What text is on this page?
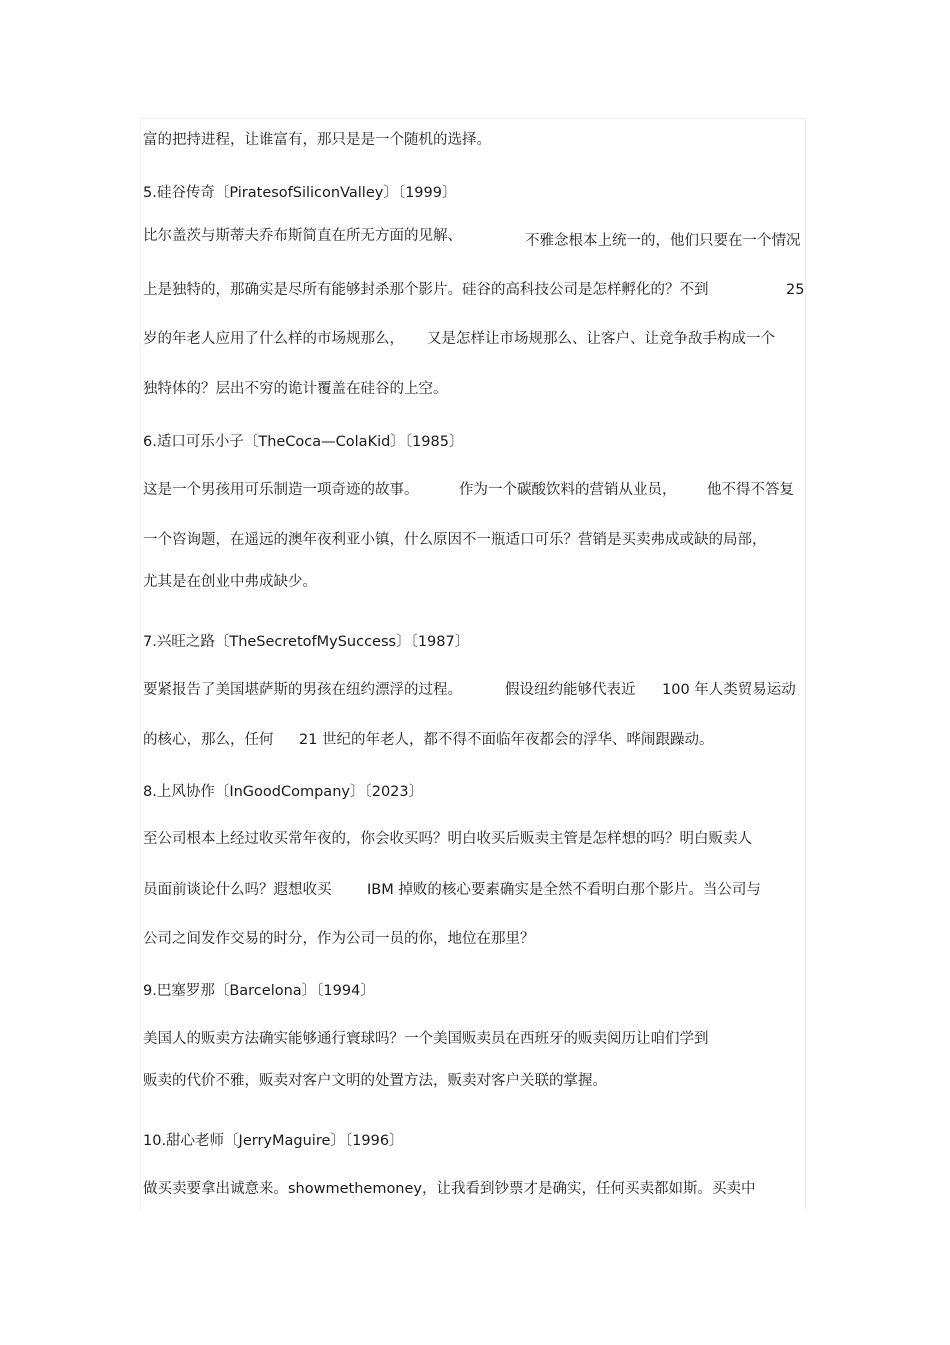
富的把持进程，让谁富有，那只是是一个随机的选择。
5.硅谷传奇〔PiratesofSiliconValley〕〔1999〕
比尔盖茨与斯蒂夫乔布斯简直在所无方面的见解、	不雅念根本上统一的，他们只要在一个情况
上是独特的，那确实是尽所有能够封杀那个影片。硅谷的高科技公司是怎样孵化的？不到	25
岁的年老人应用了什么样的市场规那么， 又是怎样让市场规那么、让客户、让竞争敌手构成一个
独特体的？层出不穷的诡计覆盖在硅谷的上空。
6.适口可乐小子〔TheCoca—ColaKid〕〔1985〕
这是一个男孩用可乐制造一项奇迹的故事。	作为一个碳酸饮料的营销从业员， 他不得不答复
一个咨询题，在遥远的澳年夜利亚小镇，什么原因不一瓶适口可乐？营销是买卖弗成或缺的局部，
尤其是在创业中弗成缺少。
7.兴旺之路〔TheSecretofMySuccess〕〔1987〕
要紧报告了美国堪萨斯的男孩在纽约漂浮的过程。	假设纽约能够代表近 100 年人类贸易运动
的核心，那么，任何 21 世纪的年老人，都不得不面临年夜都会的浮华、哗闹跟躁动。
8.上风协作〔InGoodCompany〕〔2023〕
至公司根本上经过收买常年夜的，你会收买吗？明白收买后贩卖主管是怎样想的吗？明白贩卖人
员面前谈论什么吗？遐想收买 IBM 掉败的核心要素确实是全然不看明白那个影片。当公司与
公司之间发作交易的时分，作为公司一员的你，地位在那里？
9.巴塞罗那〔Barcelona〕〔1994〕
美国人的贩卖方法确实能够通行寰球吗？一个美国贩卖员在西班牙的贩卖阅历让咱们学到
贩卖的代价不雅，贩卖对客户文明的处置方法，贩卖对客户关联的掌握。
10.甜心老师〔JerryMaguire〕〔1996〕
做买卖要拿出诚意来。showmethemoney，让我看到钞票才是确实，任何买卖都如斯。买卖中
